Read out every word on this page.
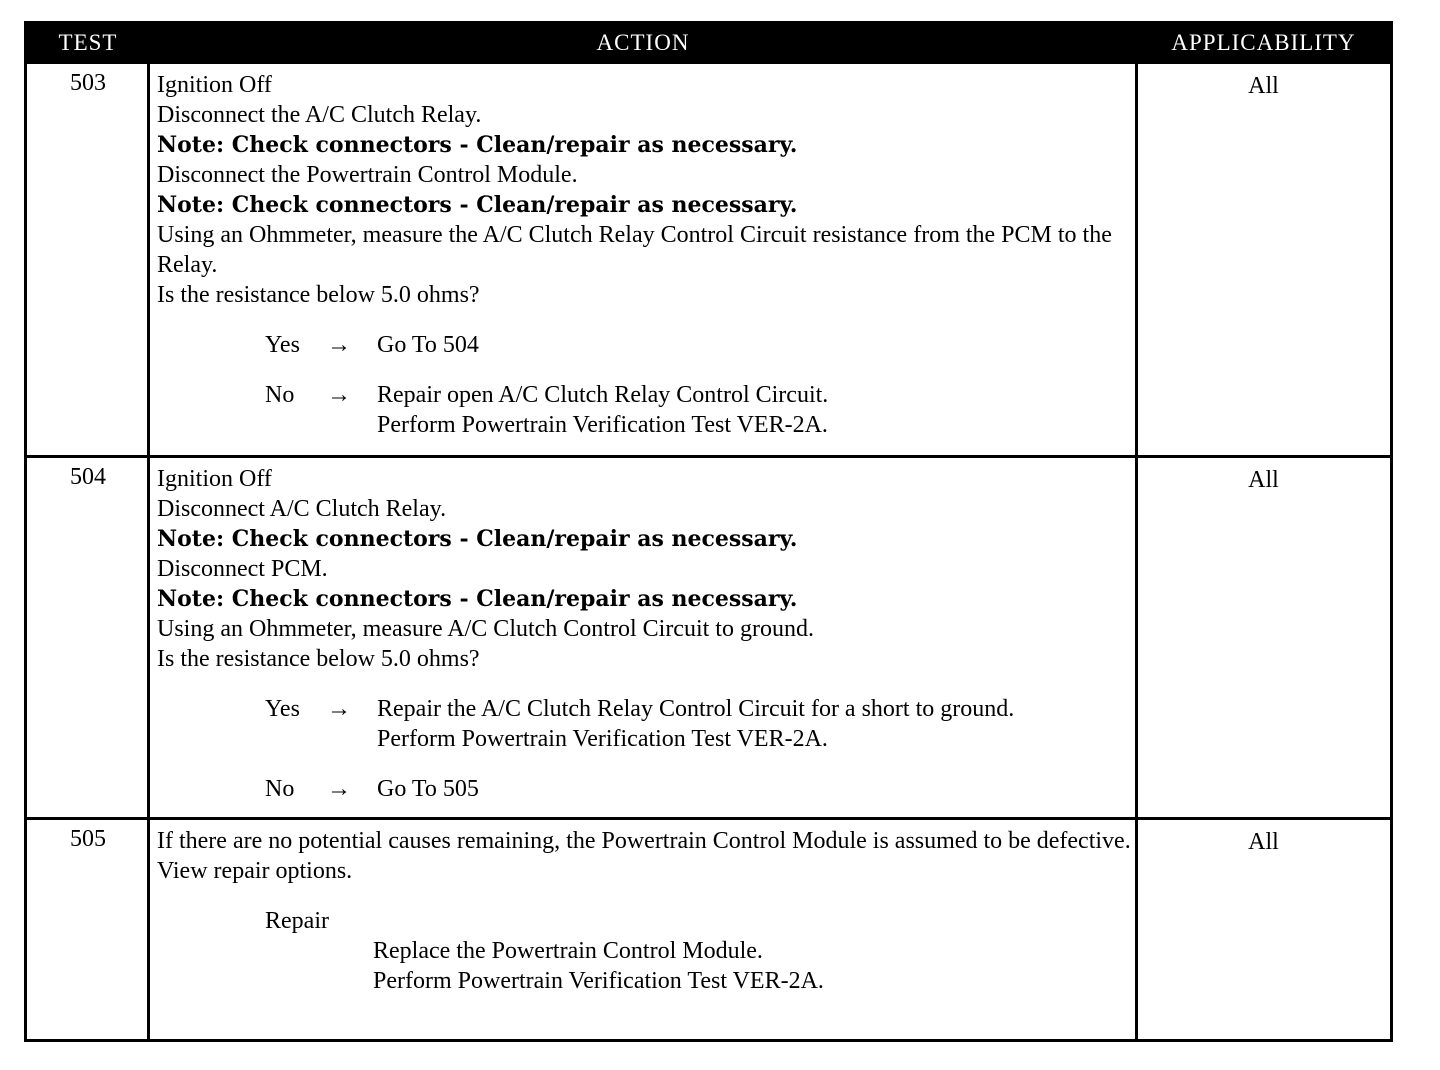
TEST	ACTION	APPLICABILITY
503	Ignition Off
Disconnect the A/C Clutch Relay.
Note: Check connectors - Clean/repair as necessary.
Disconnect the Powertrain Control Module.
Note: Check connectors - Clean/repair as necessary.
Using an Ohmmeter, measure the A/C Clutch Relay Control Circuit resistance from the PCM to the Relay.
Is the resistance below 5.0 ohms?
Yes	→	Go To 504
No	→	Repair open A/C Clutch Relay Control Circuit.
Perform Powertrain Verification Test VER-2A.
All
504	Ignition Off
Disconnect A/C Clutch Relay.
Note: Check connectors - Clean/repair as necessary.
Disconnect PCM.
Note: Check connectors - Clean/repair as necessary.
Using an Ohmmeter, measure A/C Clutch Control Circuit to ground.
Is the resistance below 5.0 ohms?
Yes	→	Repair the A/C Clutch Relay Control Circuit for a short to ground.
Perform Powertrain Verification Test VER-2A.
No	→	Go To 505
All
505	If there are no potential causes remaining, the Powertrain Control Module is assumed to be defective.
View repair options.
Repair
Replace the Powertrain Control Module.
Perform Powertrain Verification Test VER-2A.
All
